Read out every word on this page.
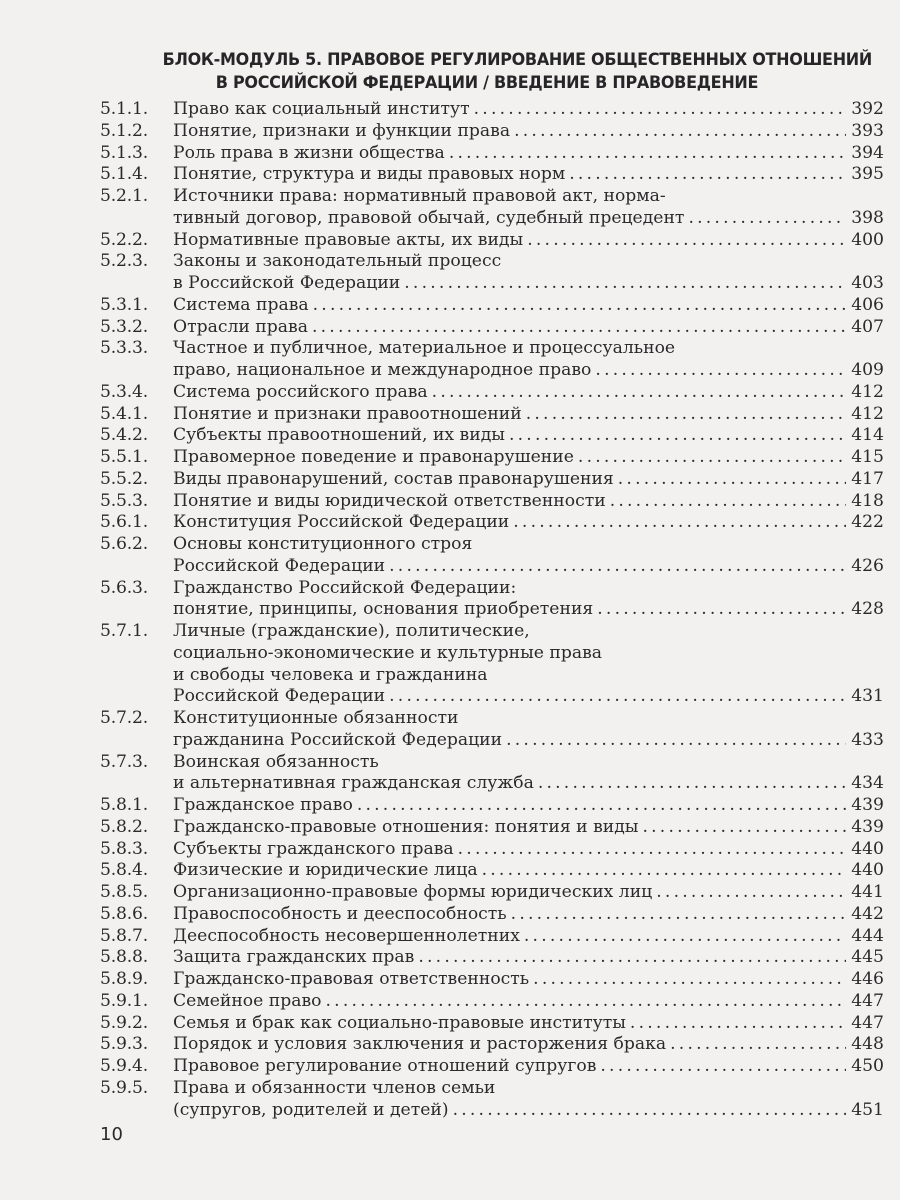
БЛОК-МОДУЛЬ 5. ПРАВОВОЕ РЕГУЛИРОВАНИЕ ОБЩЕСТВЕННЫХ ОТНОШЕНИЙ
В РОССИЙСКОЙ ФЕДЕРАЦИИ / ВВЕДЕНИЕ В ПРАВОВЕДЕНИЕ
5.1.1.	Право как социальный институт .....	392
5.1.2.	Понятие, признаки и функции права .....	393
5.1.3.	Роль права в жизни общества .....	394
5.1.4.	Понятие, структура и виды правовых норм .....	395
5.2.1.	Источники права: нормативный правовой акт, норма-
тивный договор, правовой обычай, судебный прецедент .....	398
5.2.2.	Нормативные правовые акты, их виды .....	400
5.2.3.	Законы и законодательный процесс
в Российской Федерации .....	403
5.3.1.	Система права .....	406
5.3.2.	Отрасли права .....	407
5.3.3.	Частное и публичное, материальное и процессуальное
право, национальное и международное право .....	409
5.3.4.	Система российского права .....	412
5.4.1.	Понятие и признаки правоотношений .....	412
5.4.2.	Субъекты правоотношений, их виды .....	414
5.5.1.	Правомерное поведение и правонарушение .....	415
5.5.2.	Виды правонарушений, состав правонарушения .....	417
5.5.3.	Понятие и виды юридической ответственности .....	418
5.6.1.	Конституция Российской Федерации .....	422
5.6.2.	Основы конституционного строя
Российской Федерации .....	426
5.6.3.	Гражданство Российской Федерации:
понятие, принципы, основания приобретения .....	428
5.7.1.	Личные (гражданские), политические,
социально-экономические и культурные права
и свободы человека и гражданина
Российской Федерации .....	431
5.7.2.	Конституционные обязанности
гражданина Российской Федерации .....	433
5.7.3.	Воинская обязанность
и альтернативная гражданская служба .....	434
5.8.1.	Гражданское право .....	439
5.8.2.	Гражданско-правовые отношения: понятия и виды .....	439
5.8.3.	Субъекты гражданского права .....	440
5.8.4.	Физические и юридические лица .....	440
5.8.5.	Организационно-правовые формы юридических лиц .....	441
5.8.6.	Правоспособность и дееспособность .....	442
5.8.7.	Дееспособность несовершеннолетних .....	444
5.8.8.	Защита гражданских прав .....	445
5.8.9.	Гражданско-правовая ответственность .....	446
5.9.1.	Семейное право .....	447
5.9.2.	Семья и брак как социально-правовые институты .....	447
5.9.3.	Порядок и условия заключения и расторжения брака .....	448
5.9.4.	Правовое регулирование отношений супругов .....	450
5.9.5.	Права и обязанности членов семьи
(супругов, родителей и детей) .....	451
10
